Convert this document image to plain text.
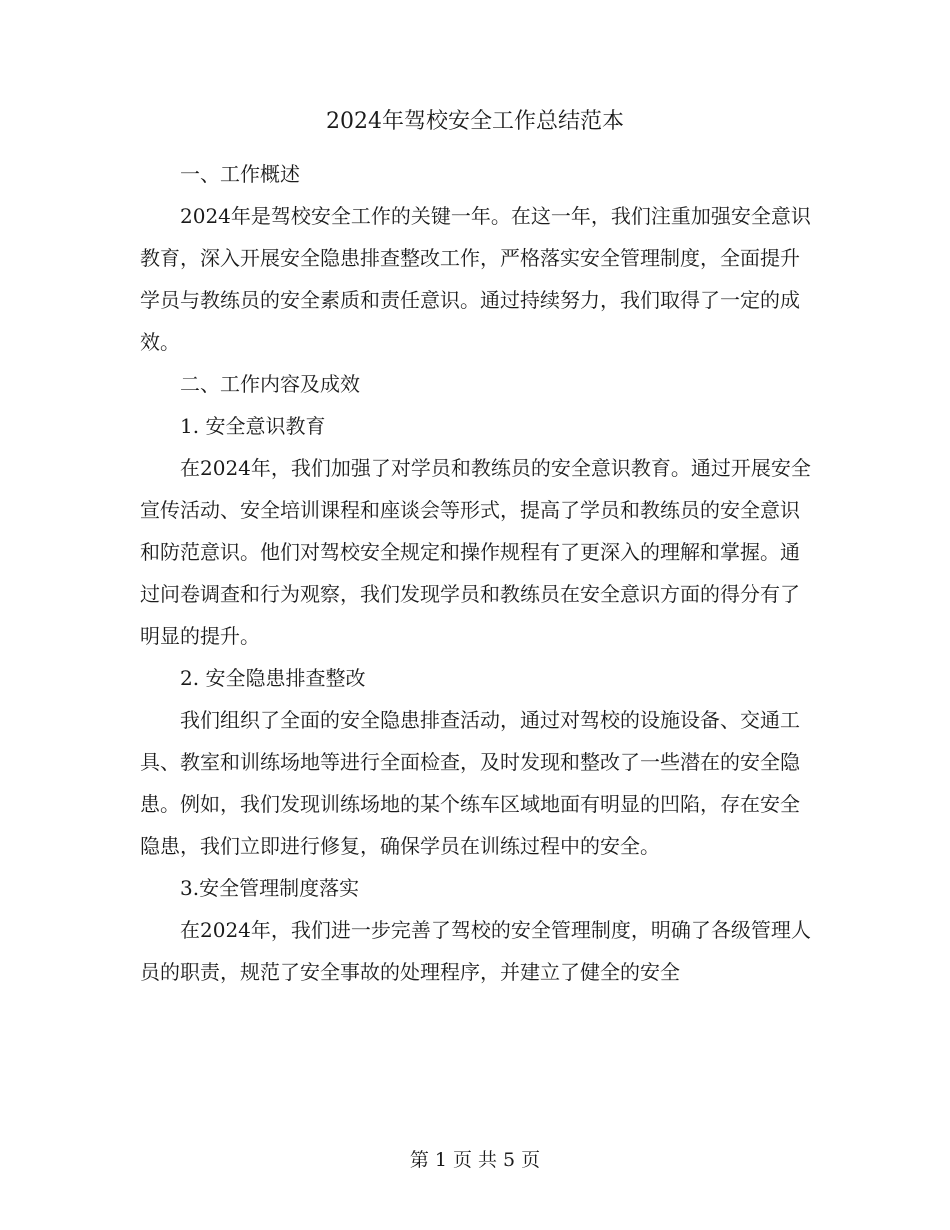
2024年驾校安全工作总结范本

一、工作概述

2024年是驾校安全工作的关键一年。在这一年，我们注重加强安全意识教育，深入开展安全隐患排查整改工作，严格落实安全管理制度，全面提升学员与教练员的安全素质和责任意识。通过持续努力，我们取得了一定的成效。

二、工作内容及成效

1. 安全意识教育

在2024年，我们加强了对学员和教练员的安全意识教育。通过开展安全宣传活动、安全培训课程和座谈会等形式，提高了学员和教练员的安全意识和防范意识。他们对驾校安全规定和操作规程有了更深入的理解和掌握。通过问卷调查和行为观察，我们发现学员和教练员在安全意识方面的得分有了明显的提升。

2. 安全隐患排查整改

我们组织了全面的安全隐患排查活动，通过对驾校的设施设备、交通工具、教室和训练场地等进行全面检查，及时发现和整改了一些潜在的安全隐患。例如，我们发现训练场地的某个练车区域地面有明显的凹陷，存在安全隐患，我们立即进行修复，确保学员在训练过程中的安全。

3.安全管理制度落实

在2024年，我们进一步完善了驾校的安全管理制度，明确了各级管理人员的职责，规范了安全事故的处理程序，并建立了健全的安全

第 1 页 共 5 页
